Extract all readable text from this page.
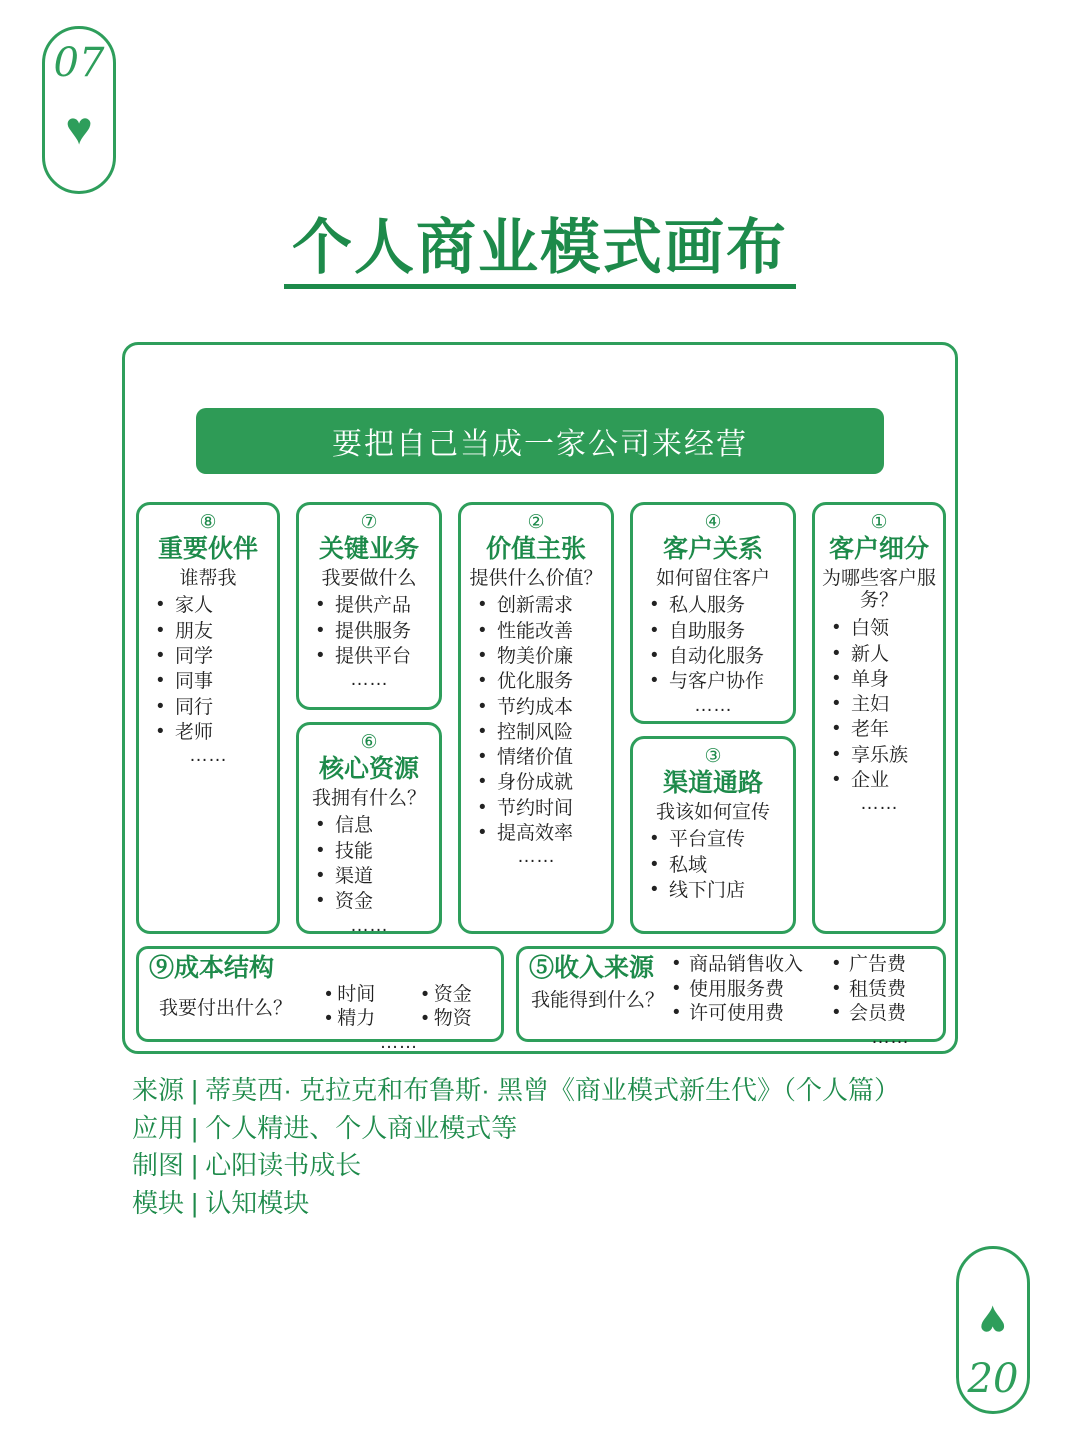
07
♥
个人商业模式画布
要把自己当成一家公司来经营
⑧
重要伙伴
谁帮我
• 家人
• 朋友
• 同学
• 同事
• 同行
• 老师
……
⑦
关键业务
我要做什么
• 提供产品
• 提供服务
• 提供平台
……
⑥
核心资源
我拥有什么？
• 信息
• 技能
• 渠道
• 资金
……
②
价值主张
提供什么价值？
• 创新需求
• 性能改善
• 物美价廉
• 优化服务
• 节约成本
• 控制风险
• 情绪价值
• 身份成就
• 节约时间
• 提高效率
……
④
客户关系
如何留住客户
• 私人服务
• 自助服务
• 自动化服务
• 与客户协作
……
③
渠道通路
我该如何宣传
• 平台宣传
• 私域
• 线下门店
①
客户细分
为哪些客户服务？
• 白领
• 新人
• 单身
• 主妇
• 老年
• 享乐族
• 企业
……
⑨成本结构
我要付出什么？
• 时间 • 资金
• 精力 • 物资
……
⑤收入来源
我能得到什么？
• 商品销售收入	• 广告费
• 使用服务费	• 租赁费
• 许可使用费	• 会员费
……
来源 | 蒂莫西· 克拉克和布鲁斯· 黑曾《商业模式新生代》（个人篇）
应用 | 个人精进、个人商业模式等
制图 | 心阳读书成长
模块 | 认知模块
♥
20
